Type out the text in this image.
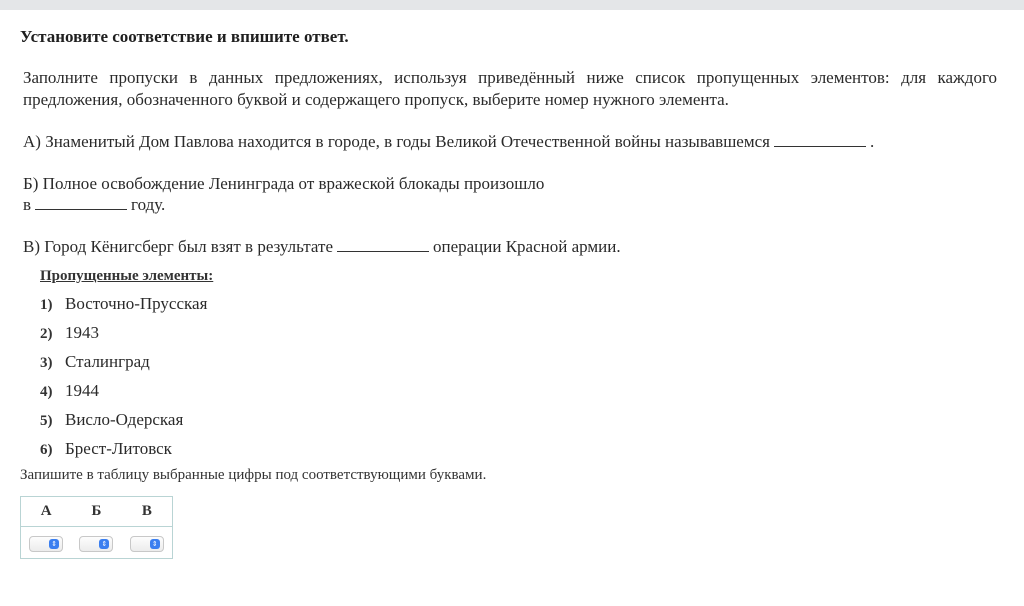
Установите соответствие и впишите ответ.
Заполните пропуски в данных предложениях, используя приведённый ниже список пропущенных элементов: для каждого предложения, обозначенного буквой и содержащего пропуск, выберите номер нужного элемента.
А) Знаменитый Дом Павлова находится в городе, в годы Великой Отечественной войны называвшемся	.
Б) Полное освобождение Ленинграда от вражеской блокады произошло
в	году.
В) Город Кёнигсберг был взят в результате	операции Красной армии.
Пропущенные элементы:
1) Восточно-Прусская
2) 1943
3) Сталинград
4) 1944
5) Висло-Одерская
6) Брест-Литовск
Запишите в таблицу выбранные цифры под соответствующими буквами.
А	Б	В
⇕	⇕	⇕
